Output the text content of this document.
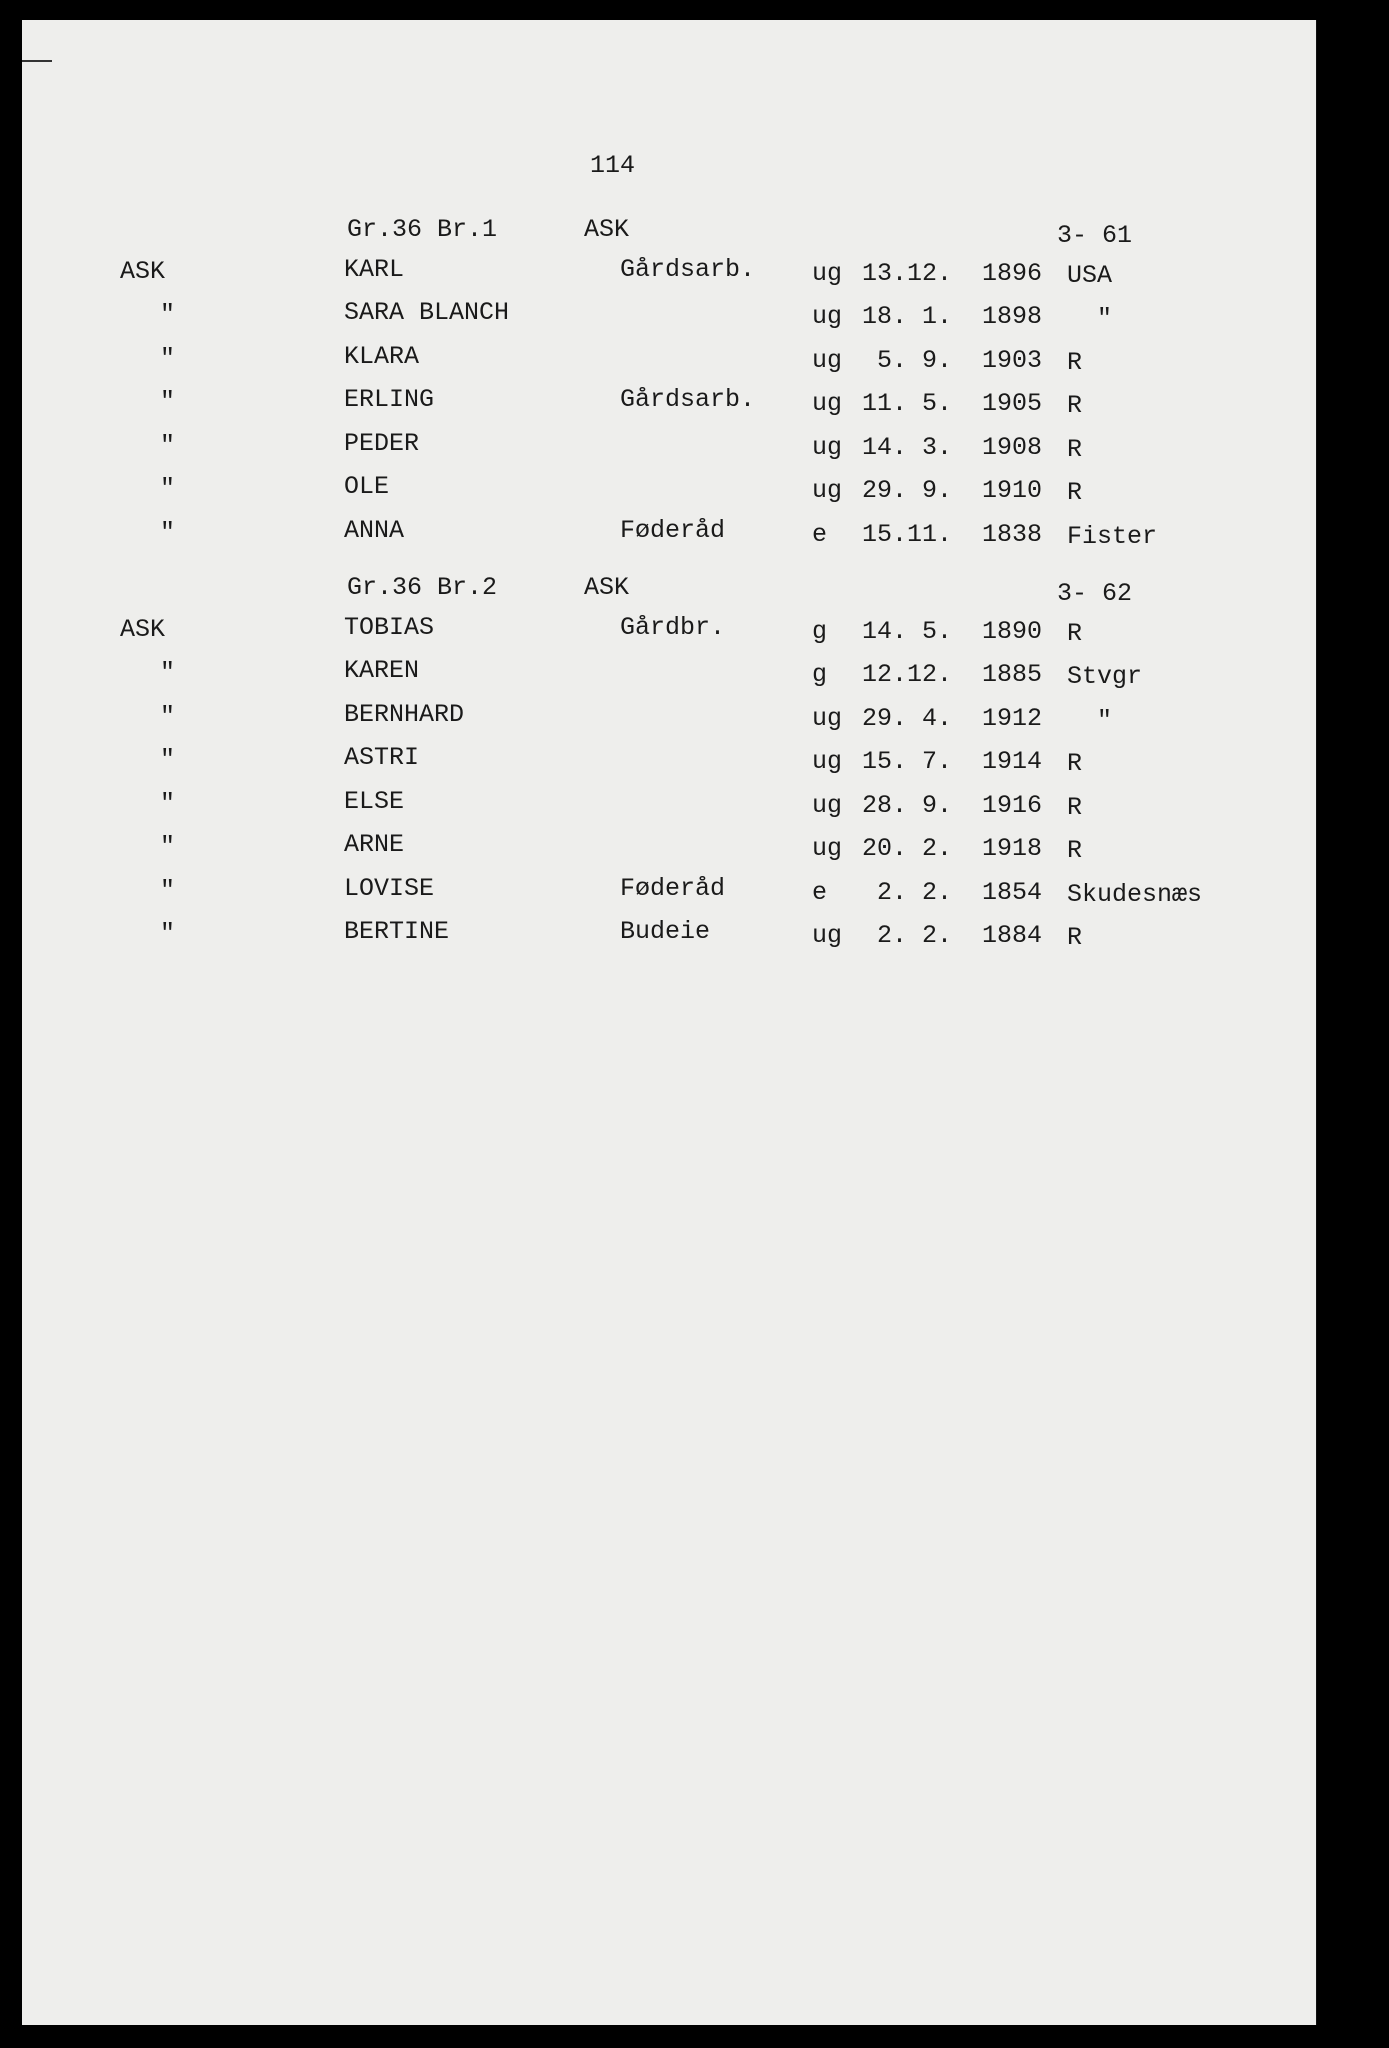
114
Gr.36 Br.1	ASK	3- 61
ASK	KARL	Gårdsarb. ug 13.12. 1896 USA
"	SARA BLANCH	ug 18. 1. 1898 "
"	KLARA	ug 5. 9. 1903 R
"	ERLING	Gårdsarb. ug 11. 5. 1905 R
"	PEDER	ug 14. 3. 1908 R
"	OLE	ug 29. 9. 1910 R
"	ANNA	Føderåd	e 15.11. 1838 Fister
Gr.36 Br.2	ASK	3- 62
ASK	TOBIAS	Gårdbr.	g 14. 5. 1890 R
"	KAREN	g 12.12. 1885 Stvgr
"	BERNHARD	ug 29. 4. 1912 "
"	ASTRI	ug 15. 7. 1914 R
"	ELSE	ug 28. 9. 1916 R
"	ARNE	ug 20. 2. 1918 R
"	LOVISE	Føderåd	e 2. 2. 1854 Skudesnæs
"	BERTINE	Budeie	ug 2. 2. 1884 R
